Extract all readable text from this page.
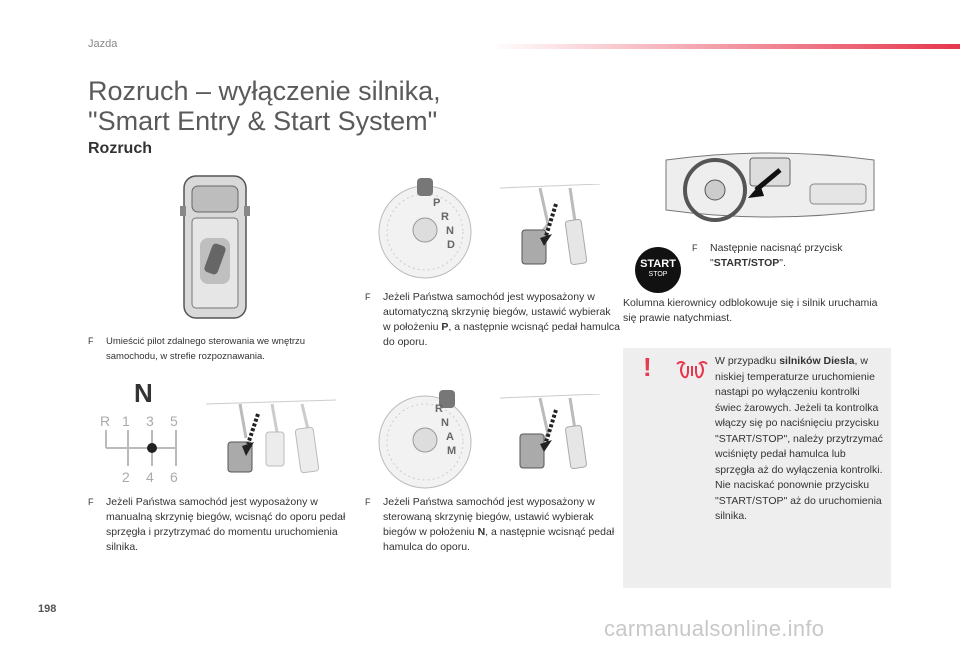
Jazda
Rozruch – wyłączenie silnika,
"Smart Entry & Start System"
Rozruch
P
R
N
D
START
STOP
F	Następnie nacisnąć przycisk "START/STOP".
Kolumna kierownicy odblokowuje się i silnik uruchamia się prawie natychmiast.
F	Umieścić pilot zdalnego sterowania we wnętrzu samochodu, w strefie rozpoznawania.
F	Jeżeli Państwa samochód jest wyposażony w automatyczną skrzynię biegów, ustawić wybierak w położeniu P, a następnie wcisnąć pedał hamulca do oporu.
N
R 1 3 5
2 4 6
R
N
A
M
F	Jeżeli Państwa samochód jest wyposażony w manualną skrzynię biegów, wcisnąć do oporu pedał sprzęgła i przytrzymać do momentu uruchomienia silnika.
F	Jeżeli Państwa samochód jest wyposażony w sterowaną skrzynię biegów, ustawić wybierak biegów w położeniu N, a następnie wcisnąć pedał hamulca do oporu.
!	W przypadku silników Diesla, w niskiej temperaturze uruchomienie nastąpi po wyłączeniu kontrolki świec żarowych. Jeżeli ta kontrolka włączy się po naciśnięciu przycisku "START/STOP", należy przytrzymać wciśnięty pedał hamulca lub sprzęgła aż do wyłączenia kontrolki. Nie naciskać ponownie przycisku "START/STOP" aż do uruchomienia silnika.
198
carmanualsonline.info
